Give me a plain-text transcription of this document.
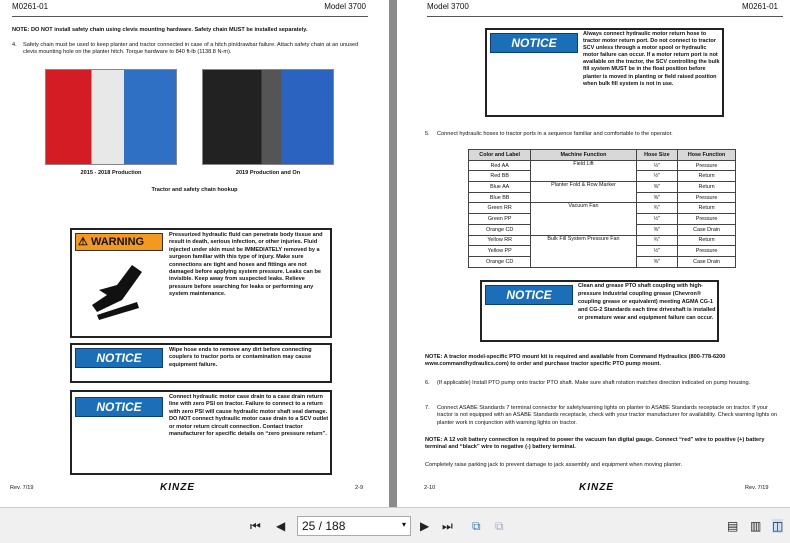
M0261-01	Model 3700
NOTE: DO NOT install safety chain using clevis mounting hardware. Safety chain MUST be installed separately.
4. Safety chain must be used to keep planter and tractor connected in case of a hitch pin/drawbar failure. Attach safety chain at an unused clevis mounting hole on the planter hitch. Torque hardware to 840 ft-lb (1138.8 N-m).
2015 - 2018 Production	2019 Production and On
Tractor and safety chain hookup
⚠ WARNING
Pressurized hydraulic fluid can penetrate body tissue and result in death, serious infection, or other injuries. Fluid injected under skin must be IMMEDIATELY removed by a surgeon familiar with this type of injury. Make sure connections are tight and hoses and fittings are not damaged before applying system pressure. Leaks can be invisible. Keep away from suspected leaks. Relieve pressure before searching for leaks or performing any system maintenance.
NOTICE
Wipe hose ends to remove any dirt before connecting couplers to tractor ports or contamination may cause equipment failure.
NOTICE
Connect hydraulic motor case drain to a case drain return line with zero PSI on tractor. Failure to connect to a return with zero PSI will cause hydraulic motor shaft seal damage. DO NOT connect hydraulic motor case drain to a SCV outlet or motor return circuit connection. Contact tractor manufacturer for specific details on “zero pressure return”.
Rev. 7/19	KINZE	2-9
Model 3700	M0261-01
NOTICE
Always connect hydraulic motor return hose to tractor motor return port. Do not connect to tractor SCV unless through a motor spool or hydraulic motor failure can occur. If a motor return port is not available on the tractor, the SCV controlling the bulk fill system MUST be in the float position before planter is moved in planting or field raised position when bulk fill system is not in use.
5. Connect hydraulic hoses to tractor ports in a sequence familiar and comfortable to the operator.
Color and Label	Machine Function	Hose Size	Hose Function
Red AA	Field Lift	½"	Pressure
Red BB		½"	Return
Blue AA	Planter Fold & Row Marker	⅜"	Return
Blue BB		⅜"	Pressure
Green RR	Vacuum Fan	¾"	Return
Green PP		½"	Pressure
Orange CD		⅜"	Case Drain
Yellow RR	Bulk Fill System Pressure Fan	¾"	Return
Yellow PP		½"	Pressure
Orange CD		⅜"	Case Drain
NOTICE
Clean and grease PTO shaft coupling with high-pressure industrial coupling grease (Chevron® coupling grease or equivalent) meeting AGMA CG-1 and CG-2 Standards each time driveshaft is installed or premature wear and equipment failure can occur.
NOTE: A tractor model-specific PTO mount kit is required and available from Command Hydraulics (800-778-6200 www.commandhydraulics.com) to order and purchase tractor specific PTO pump mount.
6. (If applicable) Install PTO pump onto tractor PTO shaft. Make sure shaft rotation matches direction indicated on pump housing.
7. Connect ASABE Standards 7 terminal connector for safety/warning lights on planter to ASABE Standards receptacle on tractor. If your tractor is not equipped with an ASABE Standards receptacle, check with your tractor manufacturer for availability. Check warning lights on planter work in conjunction with warning lights on tractor.
NOTE: A 12 volt battery connection is required to power the vacuum fan digital gauge. Connect “red” wire to positive (+) battery terminal and “black” wire to negative (-) battery terminal.
Completely raise parking jack to prevent damage to jack assembly and equipment when moving planter.
2-10	KINZE	Rev. 7/19
⏮ ◀	25 / 188	▾ ▶ ⏭ ⧉ ⧉	▤ ▥ ◫
